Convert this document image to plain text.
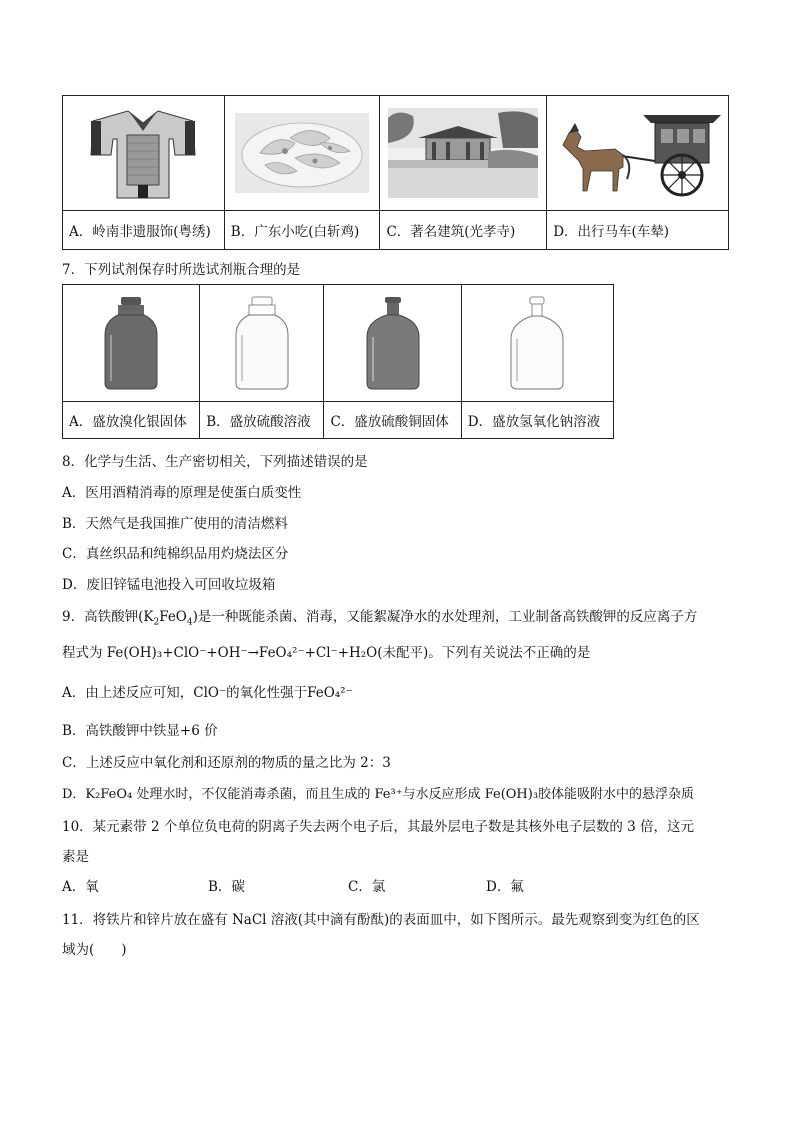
A．岭南非遗服饰(粤绣)	B．广东小吃(白斩鸡)	C．著名建筑(光孝寺)	D．出行马车(车辇)
7．下列试剂保存时所选试剂瓶合理的是

A．盛放溴化银固体	B．盛放硫酸溶液	C．盛放硫酸铜固体	D．盛放氢氧化钠溶液
8．化学与生活、生产密切相关，下列描述错误的是
A．医用酒精消毒的原理是使蛋白质变性
B．天然气是我国推广使用的清洁燃料
C．真丝织品和纯棉织品用灼烧法区分
D．废旧锌锰电池投入可回收垃圾箱
9．高铁酸钾$(K_2FeO_4)$是一种既能杀菌、消毒，又能絮凝净水的水处理剂，工业制备高铁酸钾的反应离子方
程式为 Fe(OH)₃+ClO⁻+OH⁻→FeO₄²⁻+Cl⁻+H₂O(未配平)。下列有关说法不正确的是
A．由上述反应可知，ClO⁻的氧化性强于FeO₄²⁻
B．高铁酸钾中铁显+6 价
C．上述反应中氧化剂和还原剂的物质的量之比为 2：3
D．K₂FeO₄ 处理水时，不仅能消毒杀菌，而且生成的 Fe³⁺与水反应形成 Fe(OH)₃胶体能吸附水中的悬浮杂质
10．某元素带 2 个单位负电荷的阴离子失去两个电子后，其最外层电子数是其核外电子层数的 3 倍，这元
素是
A．氧	B．碳	C．氯	D．氟
11．将铁片和锌片放在盛有 NaCl 溶液(其中滴有酚酞)的表面皿中，如下图所示。最先观察到变为红色的区
域为(　　)
